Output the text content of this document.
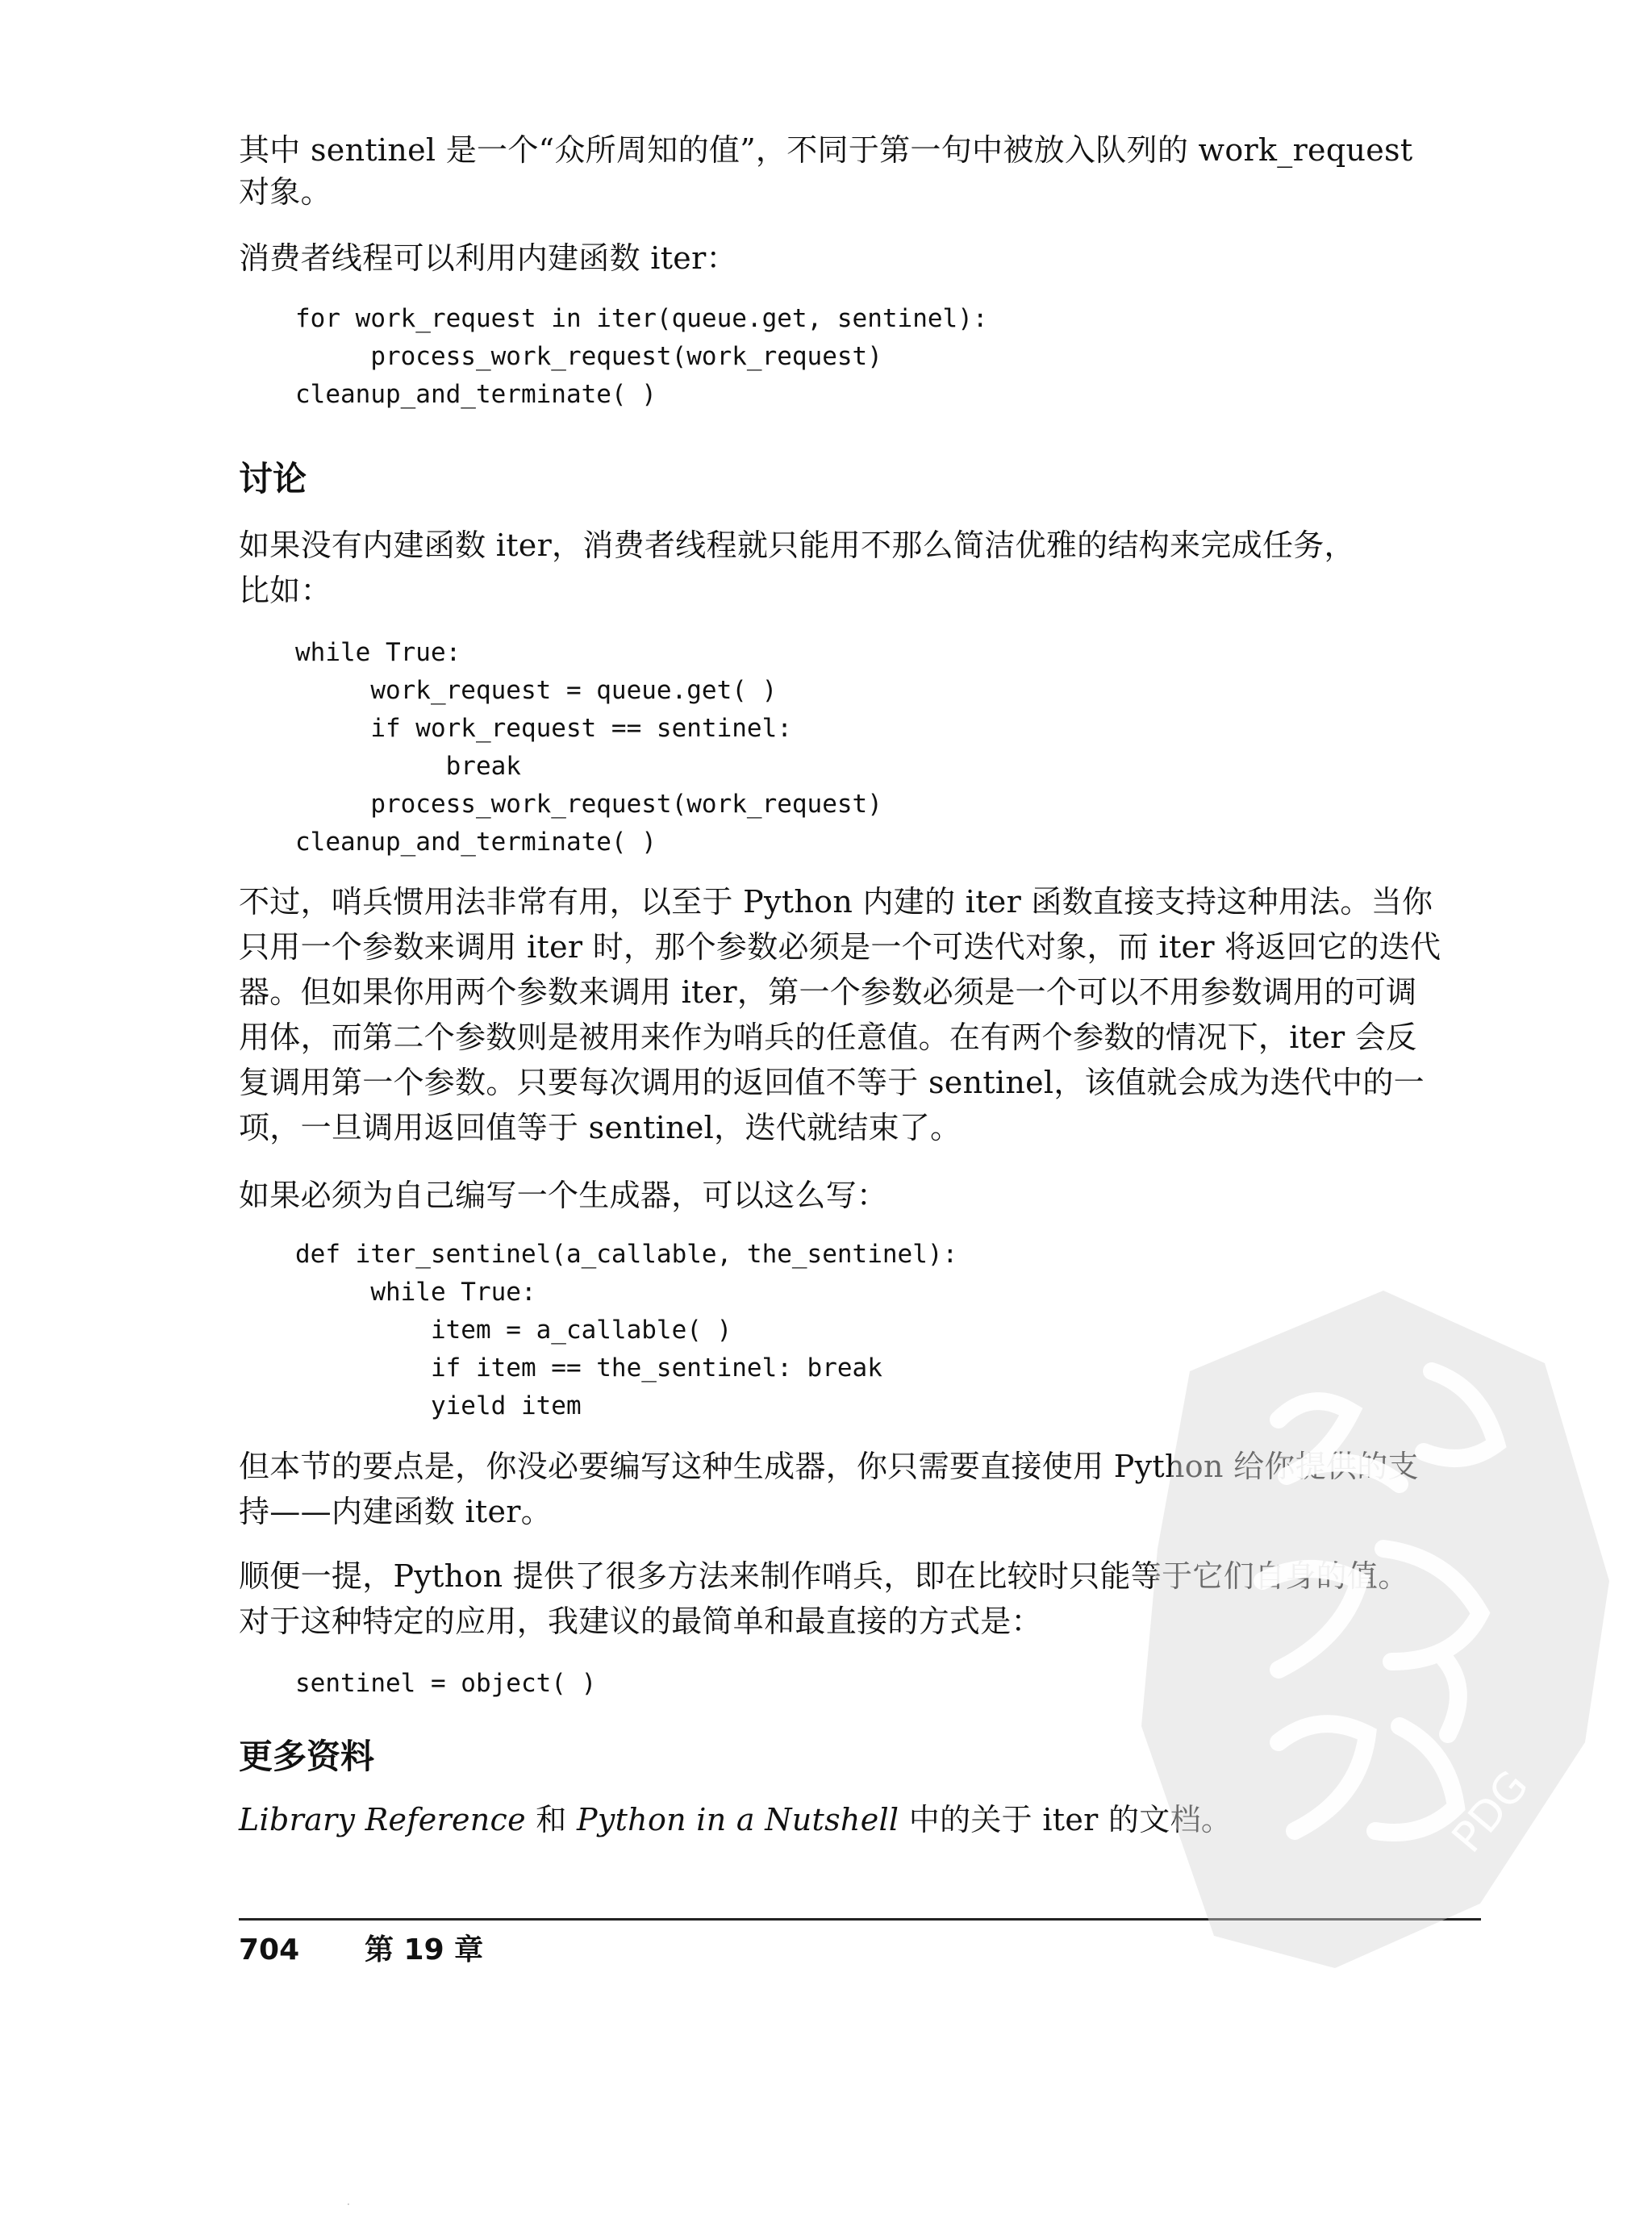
其中 sentinel 是一个“众所周知的值”，不同于第一句中被放入队列的 work_request

对象。

消费者线程可以利用内建函数 iter：

for work_request in iter(queue.get, sentinel):
process_work_request(work_request)
cleanup_and_terminate( )
讨论

如果没有内建函数 iter，消费者线程就只能用不那么简洁优雅的结构来完成任务，

比如：

while True:
work_request = queue.get( )
if work_request == sentinel:
break
process_work_request(work_request)
cleanup_and_terminate( )

不过，哨兵惯用法非常有用，以至于 Python 内建的 iter 函数直接支持这种用法。当你

只用一个参数来调用 iter 时，那个参数必须是一个可迭代对象，而 iter 将返回它的迭代

器。但如果你用两个参数来调用 iter，第一个参数必须是一个可以不用参数调用的可调

用体，而第二个参数则是被用来作为哨兵的任意值。在有两个参数的情况下，iter 会反

复调用第一个参数。只要每次调用的返回值不等于 sentinel，该值就会成为迭代中的一

项，一旦调用返回值等于 sentinel，迭代就结束了。

如果必须为自己编写一个生成器，可以这么写：

def iter_sentinel(a_callable, the_sentinel):
while True:
item = a_callable( )
if item == the_sentinel: break
yield item

但本节的要点是，你没必要编写这种生成器，你只需要直接使用 Python 给你提供的支

持——内建函数 iter。

顺便一提，Python 提供了很多方法来制作哨兵，即在比较时只能等于它们自身的值。

对于这种特定的应用，我建议的最简单和最直接的方式是：

sentinel = object( )
更多资料

Library Reference 和 Python in a Nutshell 中的关于 iter 的文档。

704 第 19 章
PDG
·
